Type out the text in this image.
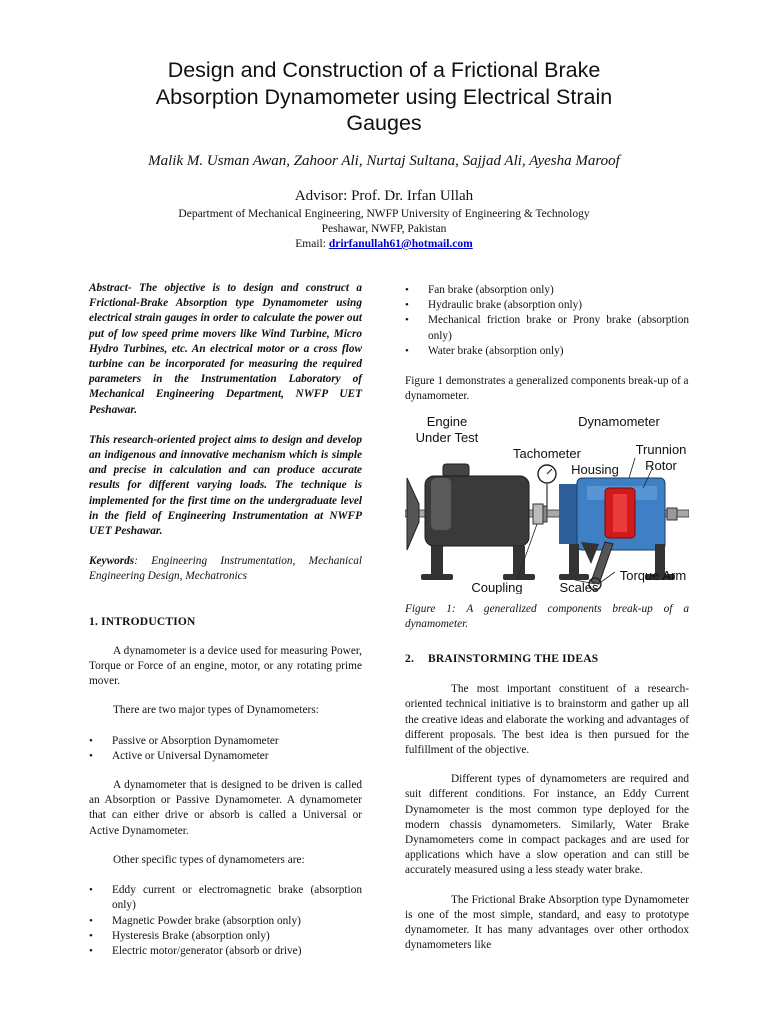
Design and Construction of a Frictional Brake
Absorption Dynamometer using Electrical Strain
Gauges
Malik M. Usman Awan, Zahoor Ali, Nurtaj Sultana, Sajjad Ali, Ayesha Maroof
Advisor: Prof. Dr. Irfan Ullah
Department of Mechanical Engineering, NWFP University of Engineering & Technology
Peshawar, NWFP, Pakistan
Email: drirfanullah61@hotmail.com

Abstract- The objective is to design and construct a Frictional-Brake Absorption type Dynamometer using electrical strain gauges in order to calculate the power out put of low speed prime movers like Wind Turbine, Micro Hydro Turbines, etc. An electrical motor or a cross flow turbine can be incorporated for measuring the required parameters in the Instrumentation Laboratory of Mechanical Engineering Department, NWFP UET Peshawar.

This research-oriented project aims to design and develop an indigenous and innovative mechanism which is simple and precise in calculation and can produce accurate results for different varying loads. The technique is implemented for the first time on the undergraduate level in the field of Engineering Instrumentation at NWFP UET Peshawar.

Keywords: Engineering Instrumentation, Mechanical Engineering Design, Mechatronics

1. INTRODUCTION

A dynamometer is a device used for measuring Power, Torque or Force of an engine, motor, or any rotating prime mover.

There are two major types of Dynamometers:

• Passive or Absorption Dynamometer
• Active or Universal Dynamometer

A dynamometer that is designed to be driven is called an Absorption or Passive Dynamometer. A dynamometer that can either drive or absorb is called a Universal or Active Dynamometer.

Other specific types of dynamometers are:

• Eddy current or electromagnetic brake (absorption only)
• Magnetic Powder brake (absorption only)
• Hysteresis Brake (absorption only)
• Electric motor/generator (absorb or drive)
• Fan brake (absorption only)
• Hydraulic brake (absorption only)
• Mechanical friction brake or Prony brake (absorption only)
• Water brake (absorption only)

Figure 1 demonstrates a generalized components break-up of a dynamometer.

Engine
Under Test
Dynamometer
Tachometer
Housing
Trunnion
Rotor
Coupling	Scales
Torque Arm

Figure 1: A generalized components break-up of a dynamometer.

2. BRAINSTORMING THE IDEAS

The most important constituent of a research-oriented technical initiative is to brainstorm and gather up all the creative ideas and elaborate the working and advantages of different proposals. The best idea is then pursued for the fulfillment of the objective.

Different types of dynamometers are required and suit different conditions. For instance, an Eddy Current Dynamometer is the most common type deployed for the modern chassis dynamometers. Similarly, Water Brake Dynamometers come in compact packages and are used for applications which have a slow operation and can still be accurately measured using a less steady water brake.

The Frictional Brake Absorption type Dynamometer is one of the most simple, standard, and easy to prototype dynamometer. It has many advantages over other orthodox dynamometers like
